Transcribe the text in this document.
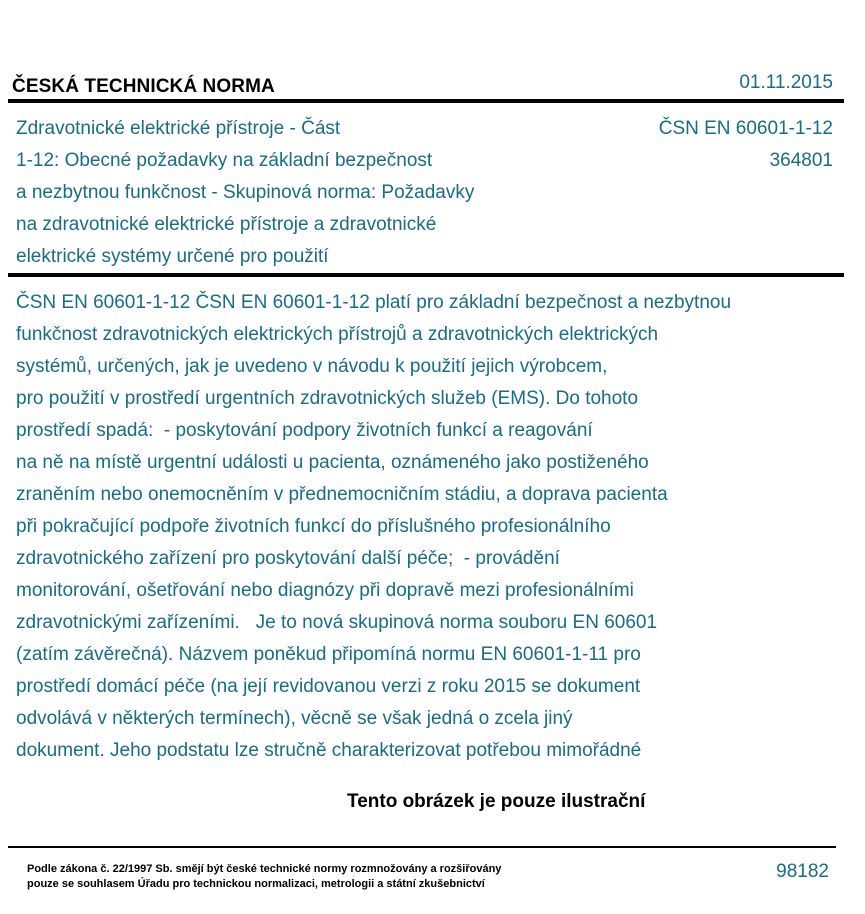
ČESKÁ TECHNICKÁ NORMA	01.11.2015
Zdravotnické elektrické přístroje - Část
1-12: Obecné požadavky na základní bezpečnost
a nezbytnou funkčnost - Skupinová norma: Požadavky
na zdravotnické elektrické přístroje a zdravotnické
elektrické systémy určené pro použití
ČSN EN 60601-1-12
364801
ČSN EN 60601-1-12 ČSN EN 60601-1-12 platí pro základní bezpečnost a nezbytnou
funkčnost zdravotnických elektrických přístrojů a zdravotnických elektrických
systémů, určených, jak je uvedeno v návodu k použití jejich výrobcem,
pro použití v prostředí urgentních zdravotnických služeb (EMS). Do tohoto
prostředí spadá:  - poskytování podpory životních funkcí a reagování
na ně na místě urgentní události u pacienta, oznámeného jako postiženého
zraněním nebo onemocněním v přednemocničním stádiu, a doprava pacienta
při pokračující podpoře životních funkcí do příslušného profesionálního
zdravotnického zařízení pro poskytování další péče;  - provádění
monitorování, ošetřování nebo diagnózy při dopravě mezi profesionálními
zdravotnickými zařízeními.   Je to nová skupinová norma souboru EN 60601
(zatím závěrečná). Názvem poněkud připomíná normu EN 60601-1-11 pro
prostředí domácí péče (na její revidovanou verzi z roku 2015 se dokument
odvolává v některých termínech), věcně se však jedná o zcela jiný
dokument. Jeho podstatu lze stručně charakterizovat potřebou mimořádné
Tento obrázek je pouze ilustrační
Podle zákona č. 22/1997 Sb. smějí být české technické normy rozmnožovány a rozšiřovány
pouze se souhlasem Úřadu pro technickou normalizaci, metrologii a státní zkušebnictví
98182
